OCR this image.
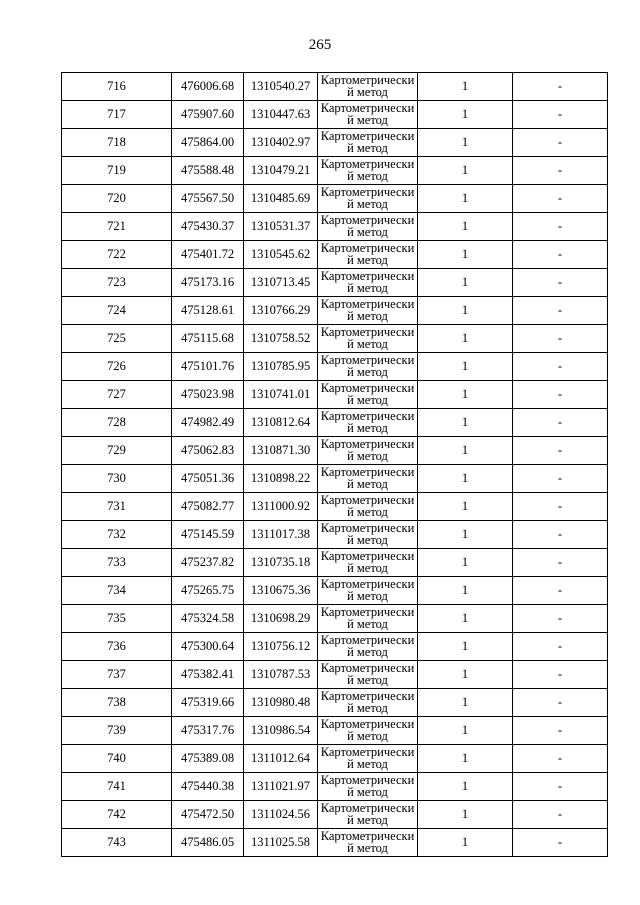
265
716	476006.68	1310540.27	Картометрически
й метод	1	-
717	475907.60	1310447.63	Картометрически
й метод	1	-
718	475864.00	1310402.97	Картометрически
й метод	1	-
719	475588.48	1310479.21	Картометрически
й метод	1	-
720	475567.50	1310485.69	Картометрически
й метод	1	-
721	475430.37	1310531.37	Картометрически
й метод	1	-
722	475401.72	1310545.62	Картометрически
й метод	1	-
723	475173.16	1310713.45	Картометрически
й метод	1	-
724	475128.61	1310766.29	Картометрически
й метод	1	-
725	475115.68	1310758.52	Картометрически
й метод	1	-
726	475101.76	1310785.95	Картометрически
й метод	1	-
727	475023.98	1310741.01	Картометрически
й метод	1	-
728	474982.49	1310812.64	Картометрически
й метод	1	-
729	475062.83	1310871.30	Картометрически
й метод	1	-
730	475051.36	1310898.22	Картометрически
й метод	1	-
731	475082.77	1311000.92	Картометрически
й метод	1	-
732	475145.59	1311017.38	Картометрически
й метод	1	-
733	475237.82	1310735.18	Картометрически
й метод	1	-
734	475265.75	1310675.36	Картометрически
й метод	1	-
735	475324.58	1310698.29	Картометрически
й метод	1	-
736	475300.64	1310756.12	Картометрически
й метод	1	-
737	475382.41	1310787.53	Картометрически
й метод	1	-
738	475319.66	1310980.48	Картометрически
й метод	1	-
739	475317.76	1310986.54	Картометрически
й метод	1	-
740	475389.08	1311012.64	Картометрически
й метод	1	-
741	475440.38	1311021.97	Картометрически
й метод	1	-
742	475472.50	1311024.56	Картометрически
й метод	1	-
743	475486.05	1311025.58	Картометрически
й метод	1	-
